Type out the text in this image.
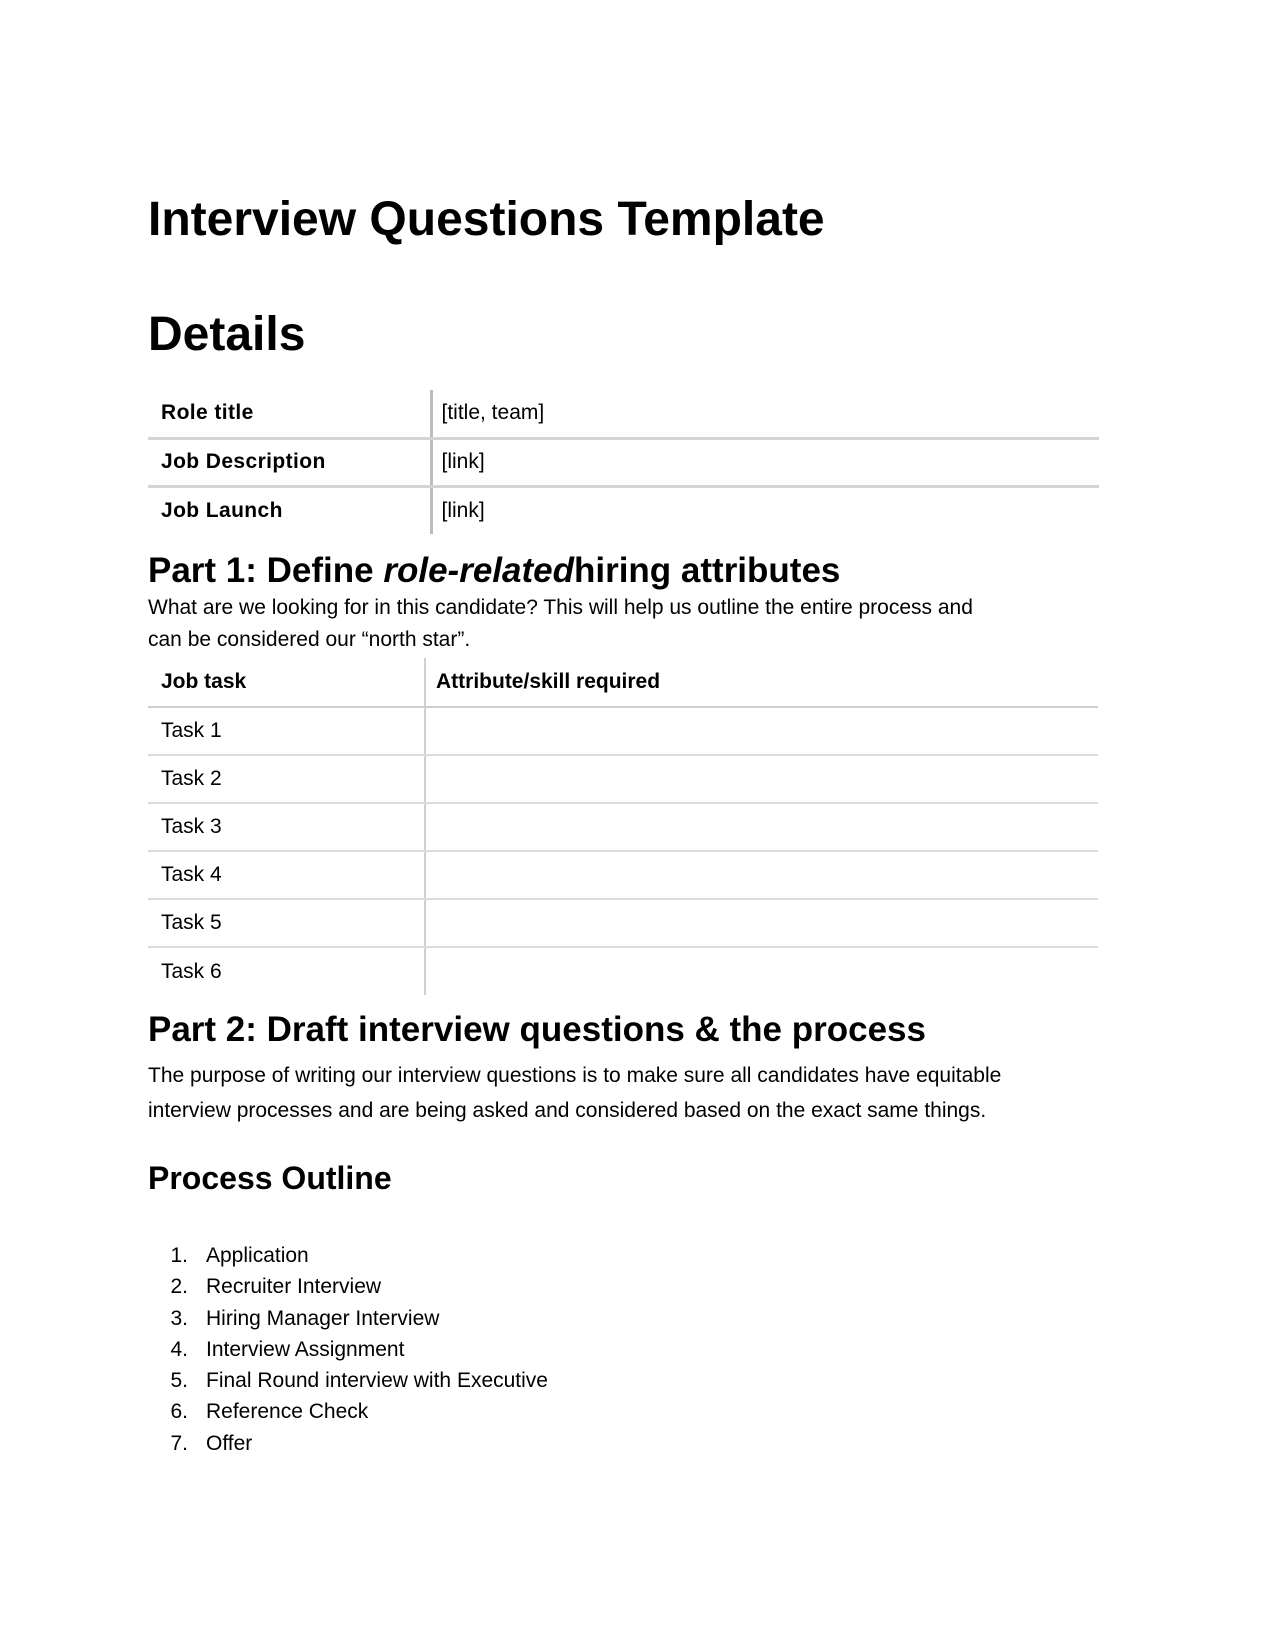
Interview Questions Template
Details
Role title	[title, team]
Job Description	[link]
Job Launch	[link]
Part 1: Define role-relatedhiring attributes

What are we looking for in this candidate? This will help us outline the entire process and
can be considered our “north star”.

Job task	Attribute/skill required
Task 1	
Task 2	
Task 3	
Task 4	
Task 5	
Task 6	
Part 2: Draft interview questions & the process

The purpose of writing our interview questions is to make sure all candidates have equitable
interview processes and are being asked and considered based on the exact same things.

Process Outline
1. Application
2. Recruiter Interview
3. Hiring Manager Interview
4. Interview Assignment
5. Final Round interview with Executive
6. Reference Check
7. Offer
